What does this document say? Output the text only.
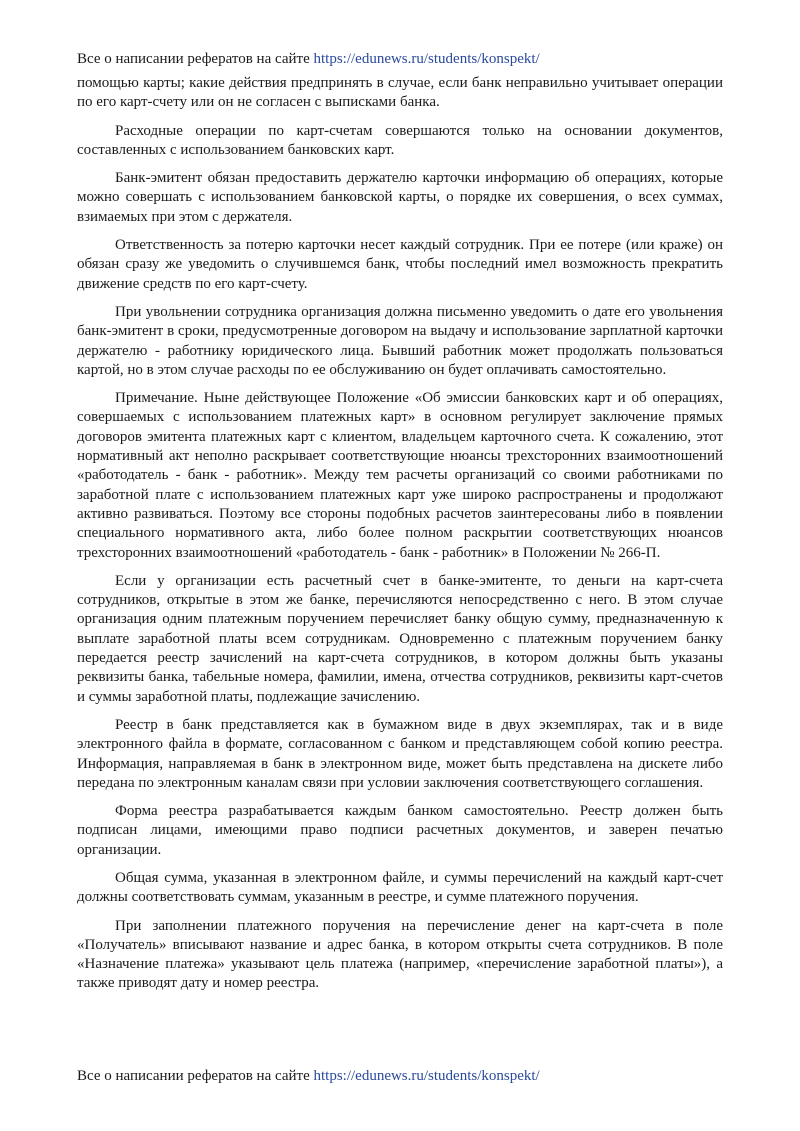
Все о написании рефератов на сайте https://edunews.ru/students/konspekt/

помощью карты; какие действия предпринять в случае, если банк неправильно учитывает операции по его карт-счету или он не согласен с выписками банка.

Расходные операции по карт-счетам совершаются только на основании документов, составленных с использованием банковских карт.

Банк-эмитент обязан предоставить держателю карточки информацию об операциях, которые можно совершать с использованием банковской карты, о порядке их совершения, о всех суммах, взимаемых при этом с держателя.

Ответственность за потерю карточки несет каждый сотрудник. При ее потере (или краже) он обязан сразу же уведомить о случившемся банк, чтобы последний имел возможность прекратить движение средств по его карт-счету.

При увольнении сотрудника организация должна письменно уведомить о дате его увольнения банк-эмитент в сроки, предусмотренные договором на выдачу и использование зарплатной карточки держателю - работнику юридического лица. Бывший работник может продолжать пользоваться картой, но в этом случае расходы по ее обслуживанию он будет оплачивать самостоятельно.

Примечание. Ныне действующее Положение «Об эмиссии банковских карт и об операциях, совершаемых с использованием платежных карт» в основном регулирует заключение прямых договоров эмитента платежных карт с клиентом, владельцем карточного счета. К сожалению, этот нормативный акт неполно раскрывает соответствующие нюансы трехсторонних взаимоотношений «работодатель - банк - работник». Между тем расчеты организаций со своими работниками по заработной плате с использованием платежных карт уже широко распространены и продолжают активно развиваться. Поэтому все стороны подобных расчетов заинтересованы либо в появлении специального нормативного акта, либо более полном раскрытии соответствующих нюансов трехсторонних взаимоотношений «работодатель - банк - работник» в Положении № 266-П.

Если у организации есть расчетный счет в банке-эмитенте, то деньги на карт-счета сотрудников, открытые в этом же банке, перечисляются непосредственно с него. В этом случае организация одним платежным поручением перечисляет банку общую сумму, предназначенную к выплате заработной платы всем сотрудникам. Одновременно с платежным поручением банку передается реестр зачислений на карт-счета сотрудников, в котором должны быть указаны реквизиты банка, табельные номера, фамилии, имена, отчества сотрудников, реквизиты карт-счетов и суммы заработной платы, подлежащие зачислению.

Реестр в банк представляется как в бумажном виде в двух экземплярах, так и в виде электронного файла в формате, согласованном с банком и представляющем собой копию реестра. Информация, направляемая в банк в электронном виде, может быть представлена на дискете либо передана по электронным каналам связи при условии заключения соответствующего соглашения.

Форма реестра разрабатывается каждым банком самостоятельно. Реестр должен быть подписан лицами, имеющими право подписи расчетных документов, и заверен печатью организации.

Общая сумма, указанная в электронном файле, и суммы перечислений на каждый карт-счет должны соответствовать суммам, указанным в реестре, и сумме платежного поручения.

При заполнении платежного поручения на перечисление денег на карт-счета в поле «Получатель» вписывают название и адрес банка, в котором открыты счета сотрудников. В поле «Назначение платежа» указывают цель платежа (например, «перечисление заработной платы»), а также приводят дату и номер реестра.

Все о написании рефератов на сайте https://edunews.ru/students/konspekt/
